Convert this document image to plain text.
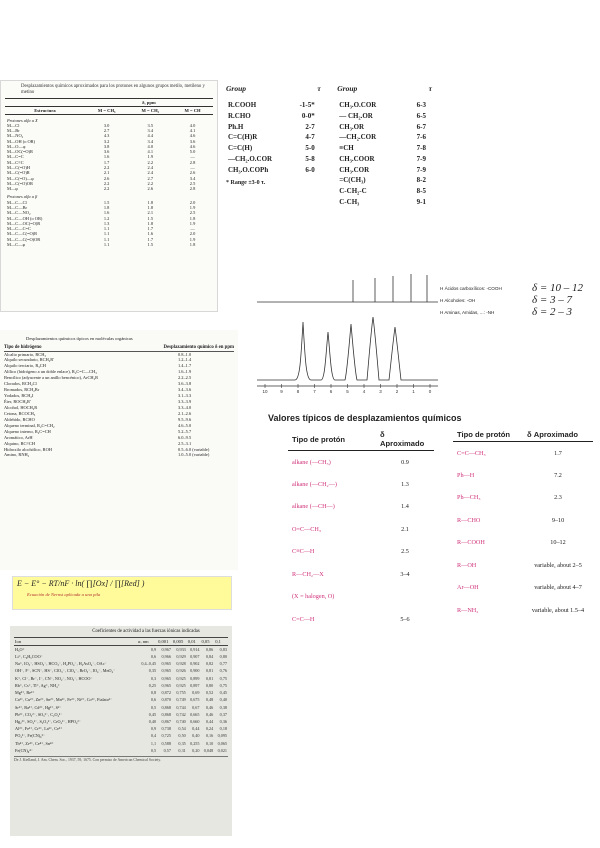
Desplazamientos químicos aproximados para los protones en algunos grupos metilo, metileno y metino
	δ, ppm		
Estructura	M = CH₃	M = CH₂	M = CH
Protones alfa a X			
M—Cl	3.0	3.5	4.0
M—Br	2.7	3.4	4.1
M—NO₂	4.3	4.4	4.6
M—OH (o OR)	3.2	3.4	3.6
M—O—φ	3.8	4.0	4.6
M—OC(=O)R	3.6	4.1	5.0
M—C=C	1.6	1.9	—
M—C≡C	1.7	2.2	2.8
M—C(=O)H	2.2	2.4	—
M—C(=O)R	2.1	2.4	2.6
M—C(=O)—φ	2.6	2.7	3.4
M—C(=O)OR	2.2	2.2	2.5
M—φ	2.2	2.6	2.8
Protones alfa a β			
M—C—Cl	1.5	1.8	2.0
M—C—Br	1.8	1.8	1.9
M—C—NO₂	1.6	2.1	2.5
M—C—OH (o OR)	1.2	1.5	1.8
M—C—OC(=O)R	1.3	1.8	1.9
M—C—C=C	1.1	1.7	—
M—C—C(=O)R	1.1	1.6	2.0
M—C—C(=O)OR	1.1	1.7	1.9
M—C—φ	1.1	1.5	1.8
Group	τ
R.COOH	-1-5*
R.CHO	0-0*
Ph.H	2-7
C=C(H)R	4-7
C=C(H)	5-0
—CH₂.O.COR	5-8
CH₃.O.COPh	6-0
* Range ±3-0 τ.
Group	τ
CH₃.O.COR	6-3
— CH₂.OR	6-5
CH₃.OR	6-7
—CH₂.COR	7-6
≡CH	7-8
CH₃.COOR	7-9
CH₃.COR	7-9
=C(CH₃)	8-2
C-CH₂-C	8-5
C-CH₃	9-1
10	9	8	7	6	5	4	3	2	1	0
H Ácidos carboxílicos: -COOH	δ = 10 – 12
H Alcoholes: -OH	δ = 3 – 7
H Aminas, Amidas, ...: -NH	δ = 2 – 3
Desplazamientos químicos típicos en moléculas orgánicas
Tipo de hidrógeno	Desplazamiento químico δ en ppm
Alcalio primario, RCH₃	0.8–1.0
Alquilo secundario, RCH₂R'	1.2–1.4
Alquilo terciario, R₃CH	1.4–1.7
Alílico (hidrógeno a un doble enlace), R₂C=C—CH₃	1.6–1.9
Bencílico (adyacente a un anillo bencénico), ArCH₂R	2.2–2.5
Clorados, RCH₂Cl	3.6–3.8
Bromados, RCH₂Br	3.4–3.6
Yodados, RCH₂I	3.1–3.3
Éter, ROCH₂R'	3.3–3.9
Alcohol, HOCH₂R	3.3–4.0
Cetona, RCOCH₃	2.1–2.6
Aldehído, RCHO	9.5–9.6
Alqueno terminal, R₂C=CH₂	4.6–5.0
Alqueno interno, R₂C=CH	5.2–5.7
Aromático, ArH	6.0–9.5
Alquino, RC≡CH	2.5–3.1
Hidroxilo alcohólico, ROH	0.5–6.0 (variable)
Amino, RNH₂	1.0–5.0 (variable)
Valores típicos de desplazamientos químicos
Tipo de protón	δ Aproximado
alkane (—CH₃)	0.9
alkane (—CH₂—)	1.3
alkane (—CH—)	1.4
O=C—CH₃	2.1
C≡C—H	2.5
R—CH₂—X	3–4
(X = halogen, O)	
C=C—H	5–6
Tipo de protón	δ Aproximado
C=C—CH₃	1.7
Ph—H	7.2
Ph—CH₃	2.3
R—CHO	9–10
R—COOH	10–12
R—OH	variable, about 2–5
Ar—OH	variable, about 4–7
R—NH₂	variable, about 1.5–4
E − E° − RT/nF · ln( ∏[Ox] / ∏[Red] )
Ecuación de Nernst aplicada a una pila
Coeficientes de actividad a las fuerzas iónicas indicadas
Ion	α, nm	0,001	0,005	0,01	0,05	0,1
H₃O⁺	0,9	0,967	0,933	0,914	0,86	0,83
Li⁺, C₆H₅COO⁻	0,6	0,966	0,929	0,907	0,84	0,80
Na⁺, IO₃⁻, HSO₃⁻, HCO₃⁻, H₂PO₄⁻, H₂AsO₄⁻, OAc⁻	0,4–0,45	0,965	0,928	0,902	0,82	0,77
OH⁻, F⁻, SCN⁻, HS⁻, ClO₃⁻, ClO₄⁻, BrO₃⁻, IO₄⁻, MnO₄⁻	0,35	0,965	0,926	0,900	0,81	0,76
K⁺, Cl⁻, Br⁻, I⁻, CN⁻, NO₂⁻, NO₃⁻, HCOO⁻	0,3	0,965	0,925	0,899	0,81	0,75
Rb⁺, Cs⁺, Tl⁺, Ag⁺, NH₄⁺	0,25	0,965	0,925	0,897	0,80	0,75
Mg²⁺, Be²⁺	0,8	0,872	0,755	0,69	0,52	0,45
Ca²⁺, Cu²⁺, Zn²⁺, Sn²⁺, Mn²⁺, Fe²⁺, Ni²⁺, Co²⁺, Ftalato²⁻	0,6	0,870	0,749	0,675	0,48	0,40
Sr²⁺, Ba²⁺, Cd²⁺, Hg²⁺, S²⁻	0,5	0,868	0,744	0,67	0,46	0,38
Pb²⁺, CO₃²⁻, SO₃²⁻, C₂O₄²⁻	0,45	0,868	0,742	0,665	0,46	0,37
Hg₂²⁺, SO₄²⁻, S₂O₃²⁻, CrO₄²⁻, HPO₄²⁻	0,40	0,867	0,740	0,660	0,44	0,36
Al³⁺, Fe³⁺, Cr³⁺, La³⁺, Ce³⁺	0,9	0,738	0,54	0,44	0,24	0,18
PO₄³⁻, Fe(CN)₆³⁻	0,4	0,725	0,50	0,40	0,16	0,095
Th⁴⁺, Zr⁴⁺, Ce⁴⁺, Sn⁴⁺	1,1	0,588	0,35	0,255	0,10	0,065
Fe(CN)₆⁴⁻	0,5	0,57	0,31	0,20	0,048	0,021
De J. Kielland, J. Am. Chem. Soc., 1937, 59, 1675. Con permiso de American Chemical Society.
